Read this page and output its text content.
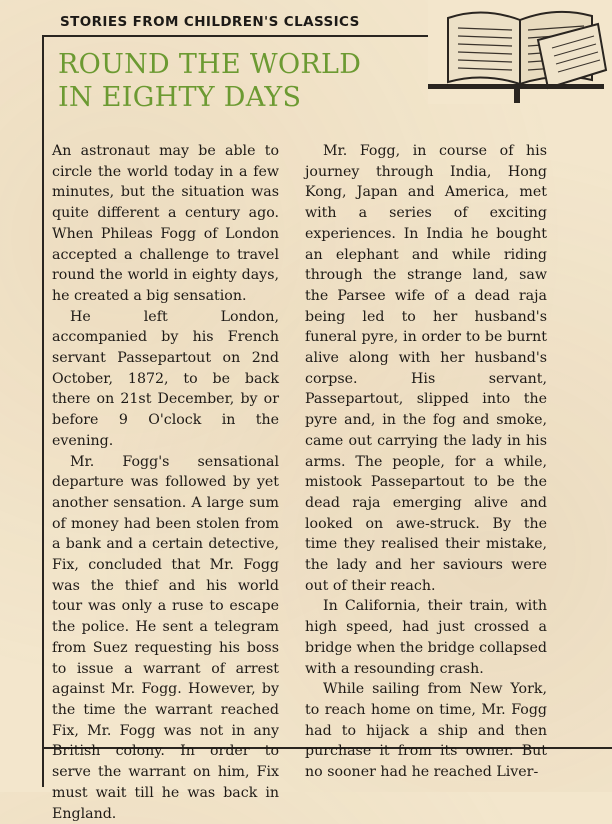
STORIES FROM CHILDREN'S CLASSICS
ROUND THE WORLD
IN EIGHTY DAYS

An astronaut may be able to circle the world today in a few minutes, but the situation was quite different a century ago. When Phileas Fogg of London accepted a challenge to travel round the world in eighty days, he created a big sensation.

He left London, accompanied by his French servant Passepartout on 2nd October, 1872, to be back there on 21st December, by or before 9 O'clock in the evening.

Mr. Fogg's sensational departure was followed by yet another sensation. A large sum of money had been stolen from a bank and a certain detective, Fix, concluded that Mr. Fogg was the thief and his world tour was only a ruse to escape the police. He sent a telegram from Suez requesting his boss to issue a warrant of arrest against Mr. Fogg. However, by the time the warrant reached Fix, Mr. Fogg was not in any British colony. In order to serve the warrant on him, Fix must wait till he was back in England.

Mr. Fogg, in course of his journey through India, Hong Kong, Japan and America, met with a series of exciting experiences. In India he bought an elephant and while riding through the strange land, saw the Parsee wife of a dead raja being led to her husband's funeral pyre, in order to be burnt alive along with her husband's corpse. His servant, Passepartout, slipped into the pyre and, in the fog and smoke, came out carrying the lady in his arms. The people, for a while, mistook Passepartout to be the dead raja emerging alive and looked on awe-struck. By the time they realised their mistake, the lady and her saviours were out of their reach.

In California, their train, with high speed, had just crossed a bridge when the bridge collapsed with a resounding crash.

While sailing from New York, to reach home on time, Mr. Fogg had to hijack a ship and then purchase it from its owner. But no sooner had he reached Liver-
